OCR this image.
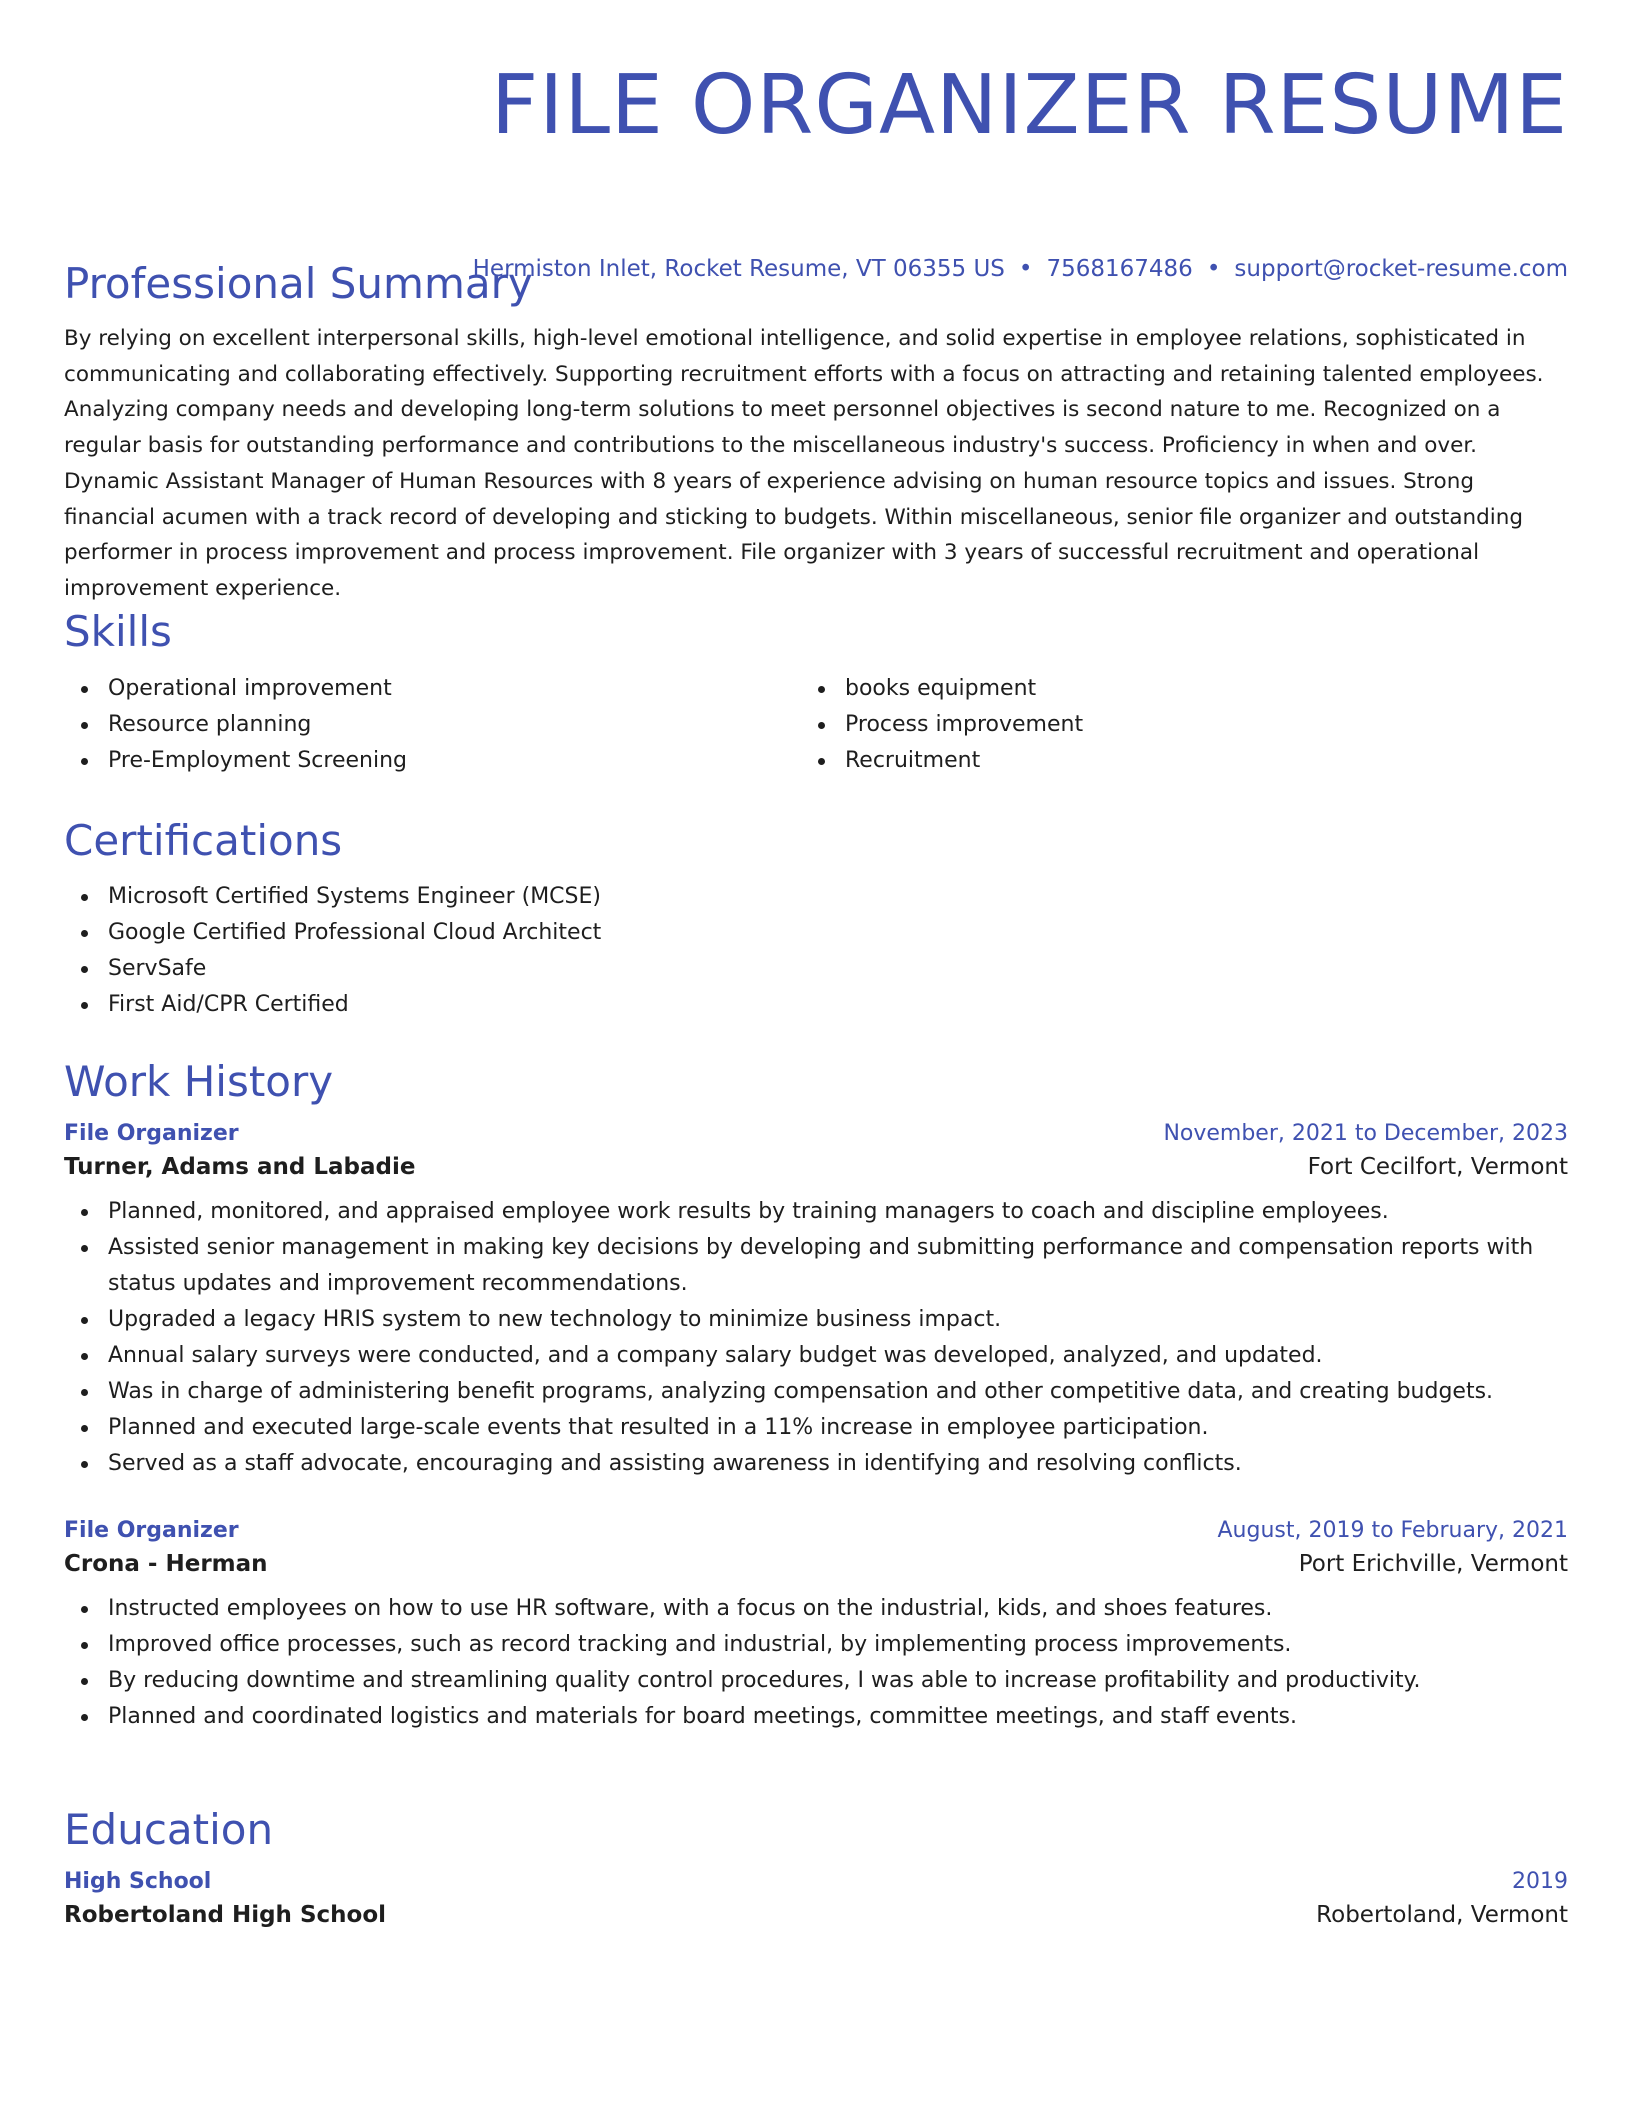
FILE ORGANIZER RESUME
Hermiston Inlet, Rocket Resume, VT 06355 US • 7568167486 • support@rocket-resume.com
Professional Summary

By relying on excellent interpersonal skills, high-level emotional intelligence, and solid expertise in employee relations, sophisticated in communicating and collaborating effectively. Supporting recruitment efforts with a focus on attracting and retaining talented employees. Analyzing company needs and developing long-term solutions to meet personnel objectives is second nature to me. Recognized on a regular basis for outstanding performance and contributions to the miscellaneous industry's success. Proficiency in when and over. Dynamic Assistant Manager of Human Resources with 8 years of experience advising on human resource topics and issues. Strong financial acumen with a track record of developing and sticking to budgets. Within miscellaneous, senior file organizer and outstanding performer in process improvement and process improvement. File organizer with 3 years of successful recruitment and operational improvement experience.

Skills
Operational improvement
Resource planning
Pre-Employment Screening
books equipment
Process improvement
Recruitment
Certifications
Microsoft Certified Systems Engineer (MCSE)
Google Certified Professional Cloud Architect
ServSafe
First Aid/CPR Certified
Work History
File Organizer	November, 2021 to December, 2023
Turner, Adams and Labadie	Fort Cecilfort, Vermont
Planned, monitored, and appraised employee work results by training managers to coach and discipline employees.
Assisted senior management in making key decisions by developing and submitting performance and compensation reports with status updates and improvement recommendations.
Upgraded a legacy HRIS system to new technology to minimize business impact.
Annual salary surveys were conducted, and a company salary budget was developed, analyzed, and updated.
Was in charge of administering benefit programs, analyzing compensation and other competitive data, and creating budgets.
Planned and executed large-scale events that resulted in a 11% increase in employee participation.
Served as a staff advocate, encouraging and assisting awareness in identifying and resolving conflicts.
File Organizer	August, 2019 to February, 2021
Crona - Herman	Port Erichville, Vermont
Instructed employees on how to use HR software, with a focus on the industrial, kids, and shoes features.
Improved office processes, such as record tracking and industrial, by implementing process improvements.
By reducing downtime and streamlining quality control procedures, I was able to increase profitability and productivity.
Planned and coordinated logistics and materials for board meetings, committee meetings, and staff events.
Education
High School	2019
Robertoland High School	Robertoland, Vermont
